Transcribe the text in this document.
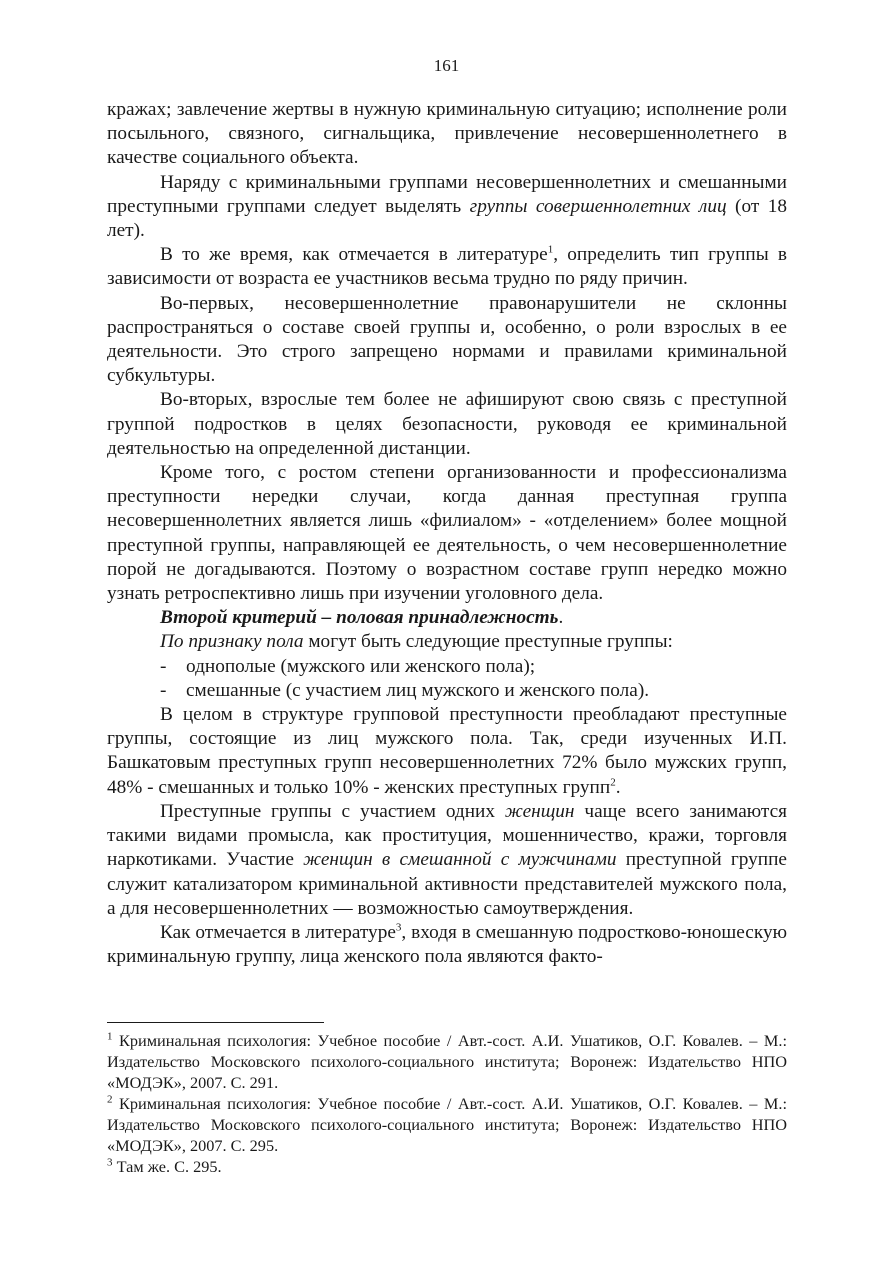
161

кражах; завлечение жертвы в нужную криминальную ситуацию; исполнение роли посыльного, связного, сигнальщика, привлечение несовершеннолетнего в качестве социального объекта.

Наряду с криминальными группами несовершеннолетних и смешанными преступными группами следует выделять группы совершеннолетних лиц (от 18 лет).

В то же время, как отмечается в литературе$^1$, определить тип группы в зависимости от возраста ее участников весьма трудно по ряду причин.

Во-первых, несовершеннолетние правонарушители не склонны распространяться о составе своей группы и, особенно, о роли взрослых в ее деятельности. Это строго запрещено нормами и правилами криминальной субкультуры.

Во-вторых, взрослые тем более не афишируют свою связь с преступной группой подростков в целях безопасности, руководя ее криминальной деятельностью на определенной дистанции.

Кроме того, с ростом степени организованности и профессионализма преступности нередки случаи, когда данная преступная группа несовершеннолетних является лишь «филиалом» - «отделением» более мощной преступной группы, направляющей ее деятельность, о чем несовершеннолетние порой не догадываются. Поэтому о возрастном составе групп нередко можно узнать ретроспективно лишь при изучении уголовного дела.

Второй критерий – половая принадлежность.

По признаку пола могут быть следующие преступные группы:

- однополые (мужского или женского пола);
- смешанные (с участием лиц мужского и женского пола).

В целом в структуре групповой преступности преобладают преступные группы, состоящие из лиц мужского пола. Так, среди изученных И.П. Башкатовым преступных групп несовершеннолетних 72% было мужских групп, 48% - смешанных и только 10% - женских преступных групп$^2$.

Преступные группы с участием одних женщин чаще всего занимаются такими видами промысла, как проституция, мошенничество, кражи, торговля наркотиками. Участие женщин в смешанной с мужчинами преступной группе служит катализатором криминальной активности представителей мужского пола, а для несовершеннолетних — возможностью самоутверждения.

Как отмечается в литературе$^3$, входя в смешанную подростково-юношескую криминальную группу, лица женского пола являются факто-

$^1$ Криминальная психология: Учебное пособие / Авт.-сост. А.И. Ушатиков, О.Г. Ковалев. – М.: Издательство Московского психолого-социального института; Воронеж: Издательство НПО «МОДЭК», 2007. С. 291.

$^2$ Криминальная психология: Учебное пособие / Авт.-сост. А.И. Ушатиков, О.Г. Ковалев. – М.: Издательство Московского психолого-социального института; Воронеж: Издательство НПО «МОДЭК», 2007. С. 295.

$^3$ Там же. С. 295.
